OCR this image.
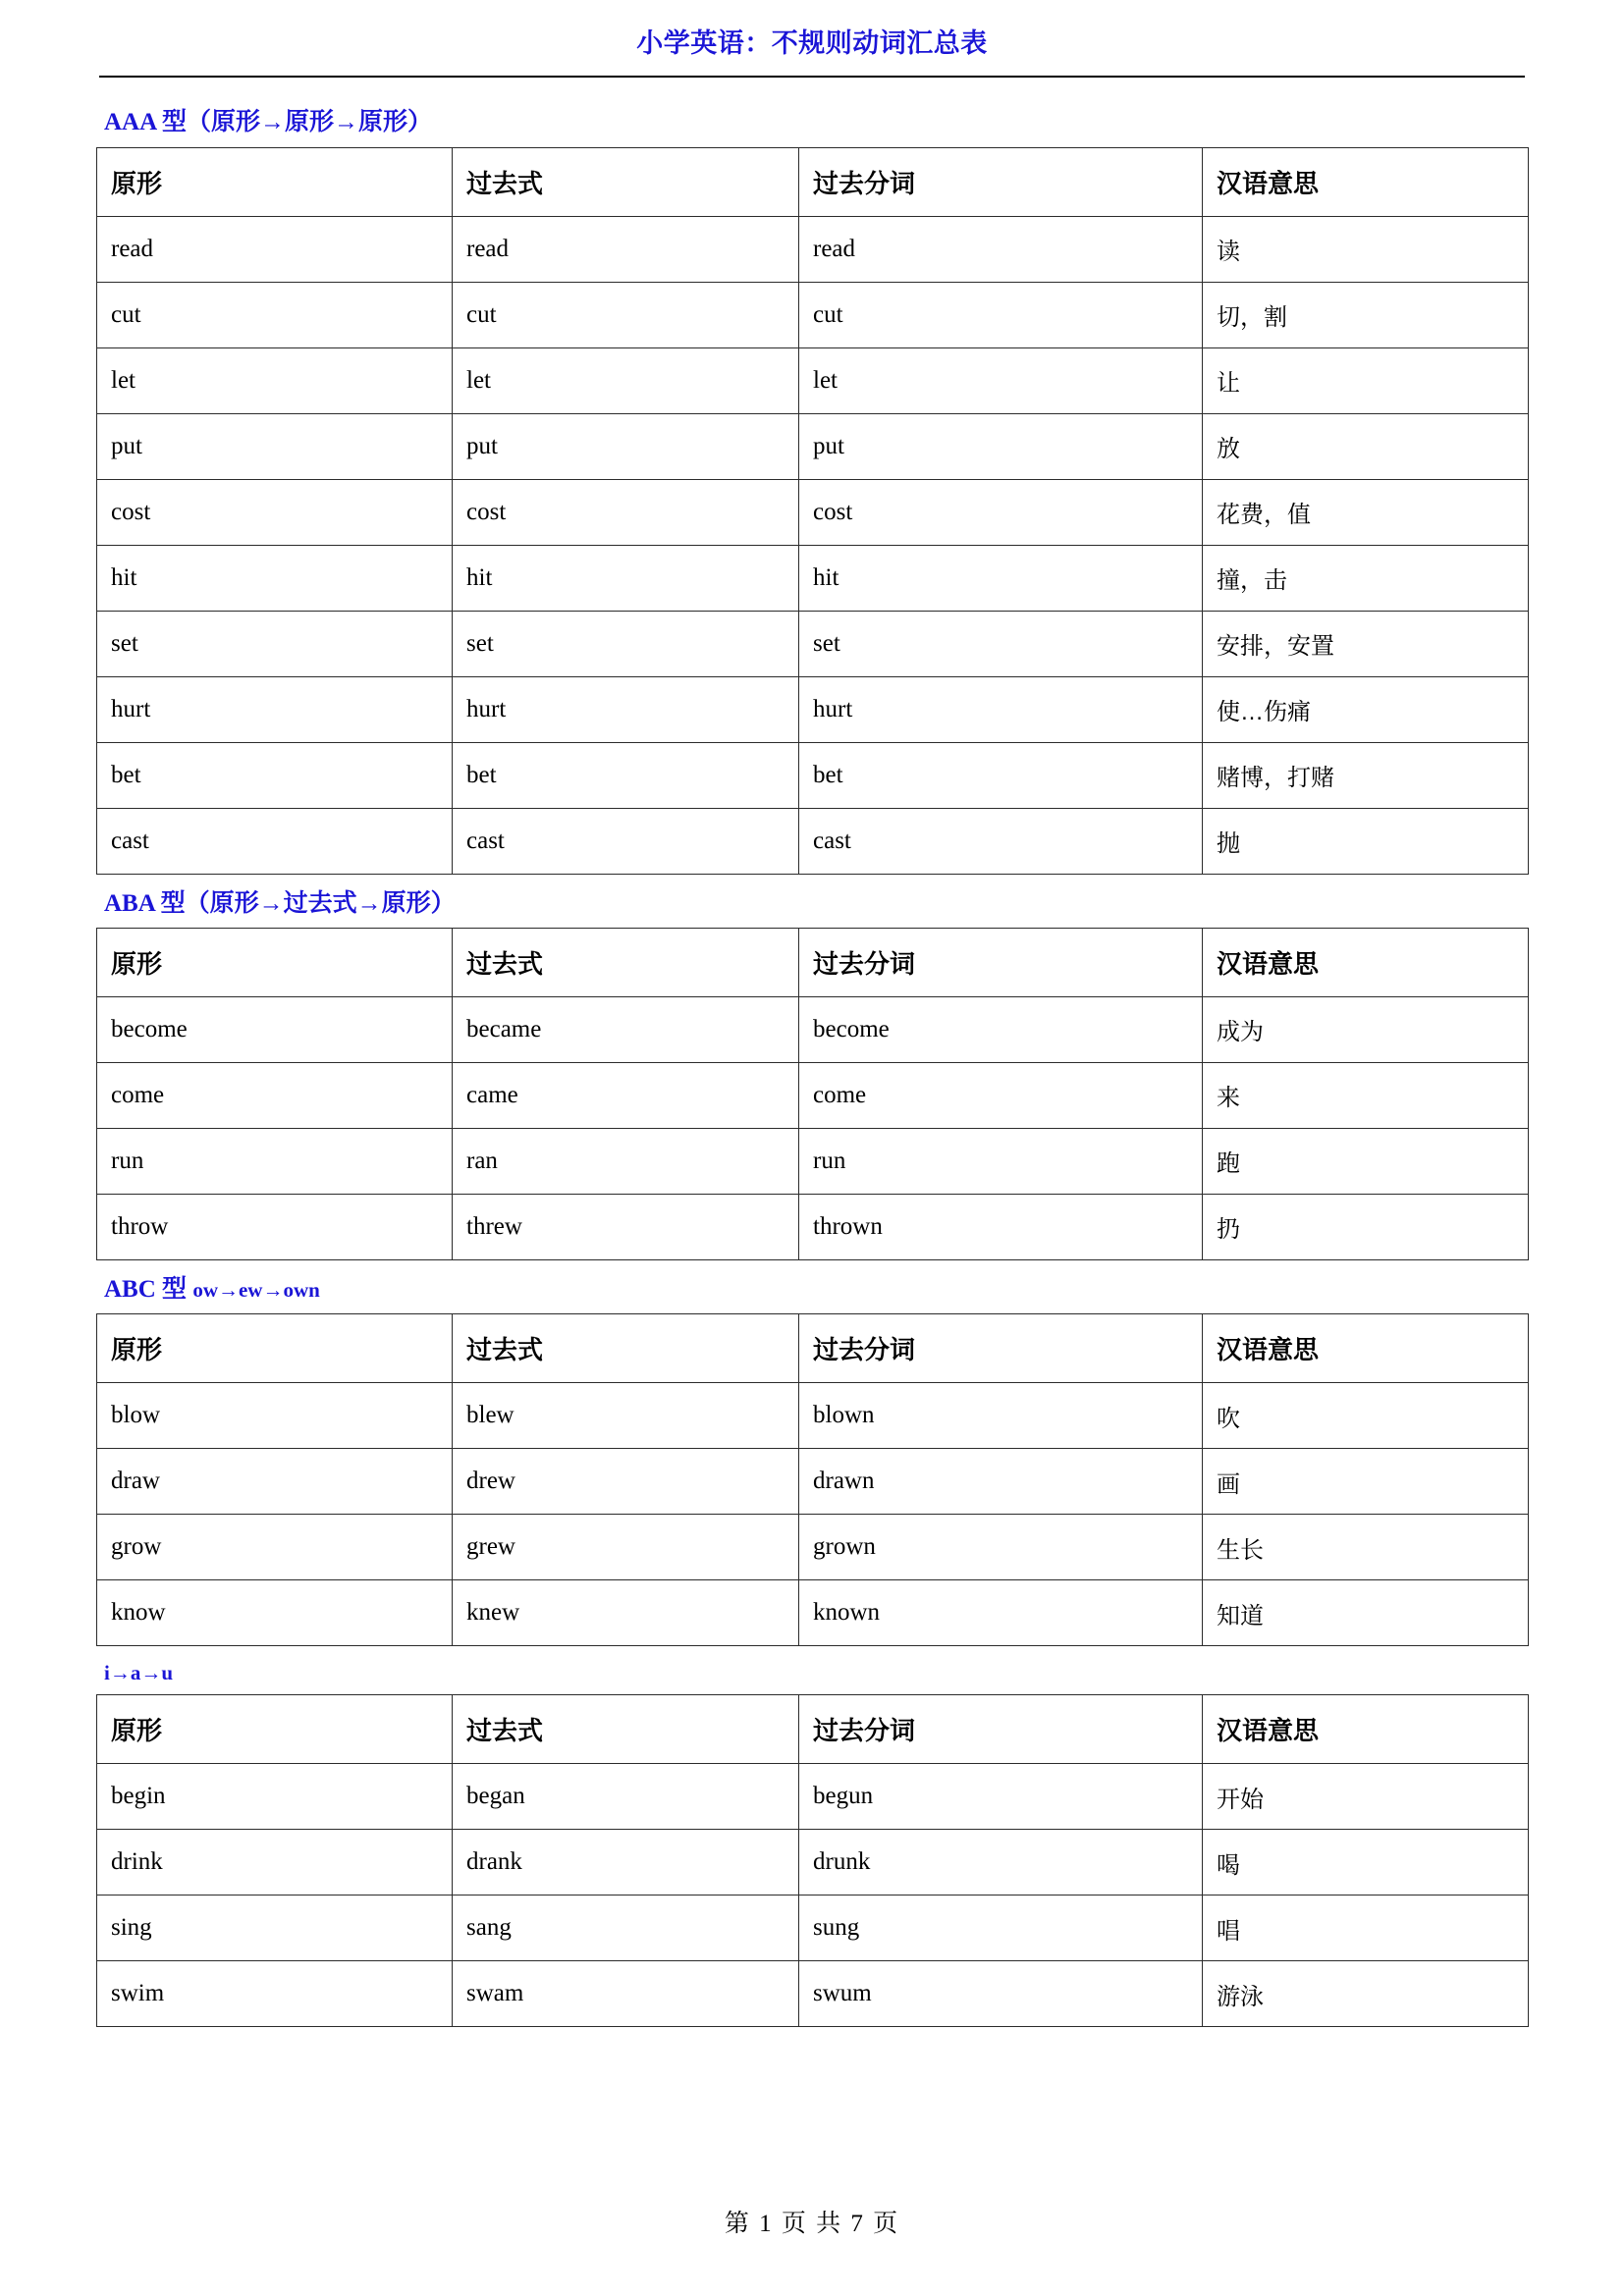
小学英语：不规则动词汇总表
AAA 型（原形→原形→原形）
原形	过去式	过去分词	汉语意思
read	read	read	读
cut	cut	cut	切，割
let	let	let	让
put	put	put	放
cost	cost	cost	花费，值
hit	hit	hit	撞，击
set	set	set	安排，安置
hurt	hurt	hurt	使…伤痛
bet	bet	bet	赌博，打赌
cast	cast	cast	抛
ABA 型（原形→过去式→原形）
原形	过去式	过去分词	汉语意思
become	became	become	成为
come	came	come	来
run	ran	run	跑
throw	threw	thrown	扔
ABC 型 ow→ew→own
原形	过去式	过去分词	汉语意思
blow	blew	blown	吹
draw	drew	drawn	画
grow	grew	grown	生长
know	knew	known	知道
i→a→u
原形	过去式	过去分词	汉语意思
begin	began	begun	开始
drink	drank	drunk	喝
sing	sang	sung	唱
swim	swam	swum	游泳
第 1 页 共 7 页
